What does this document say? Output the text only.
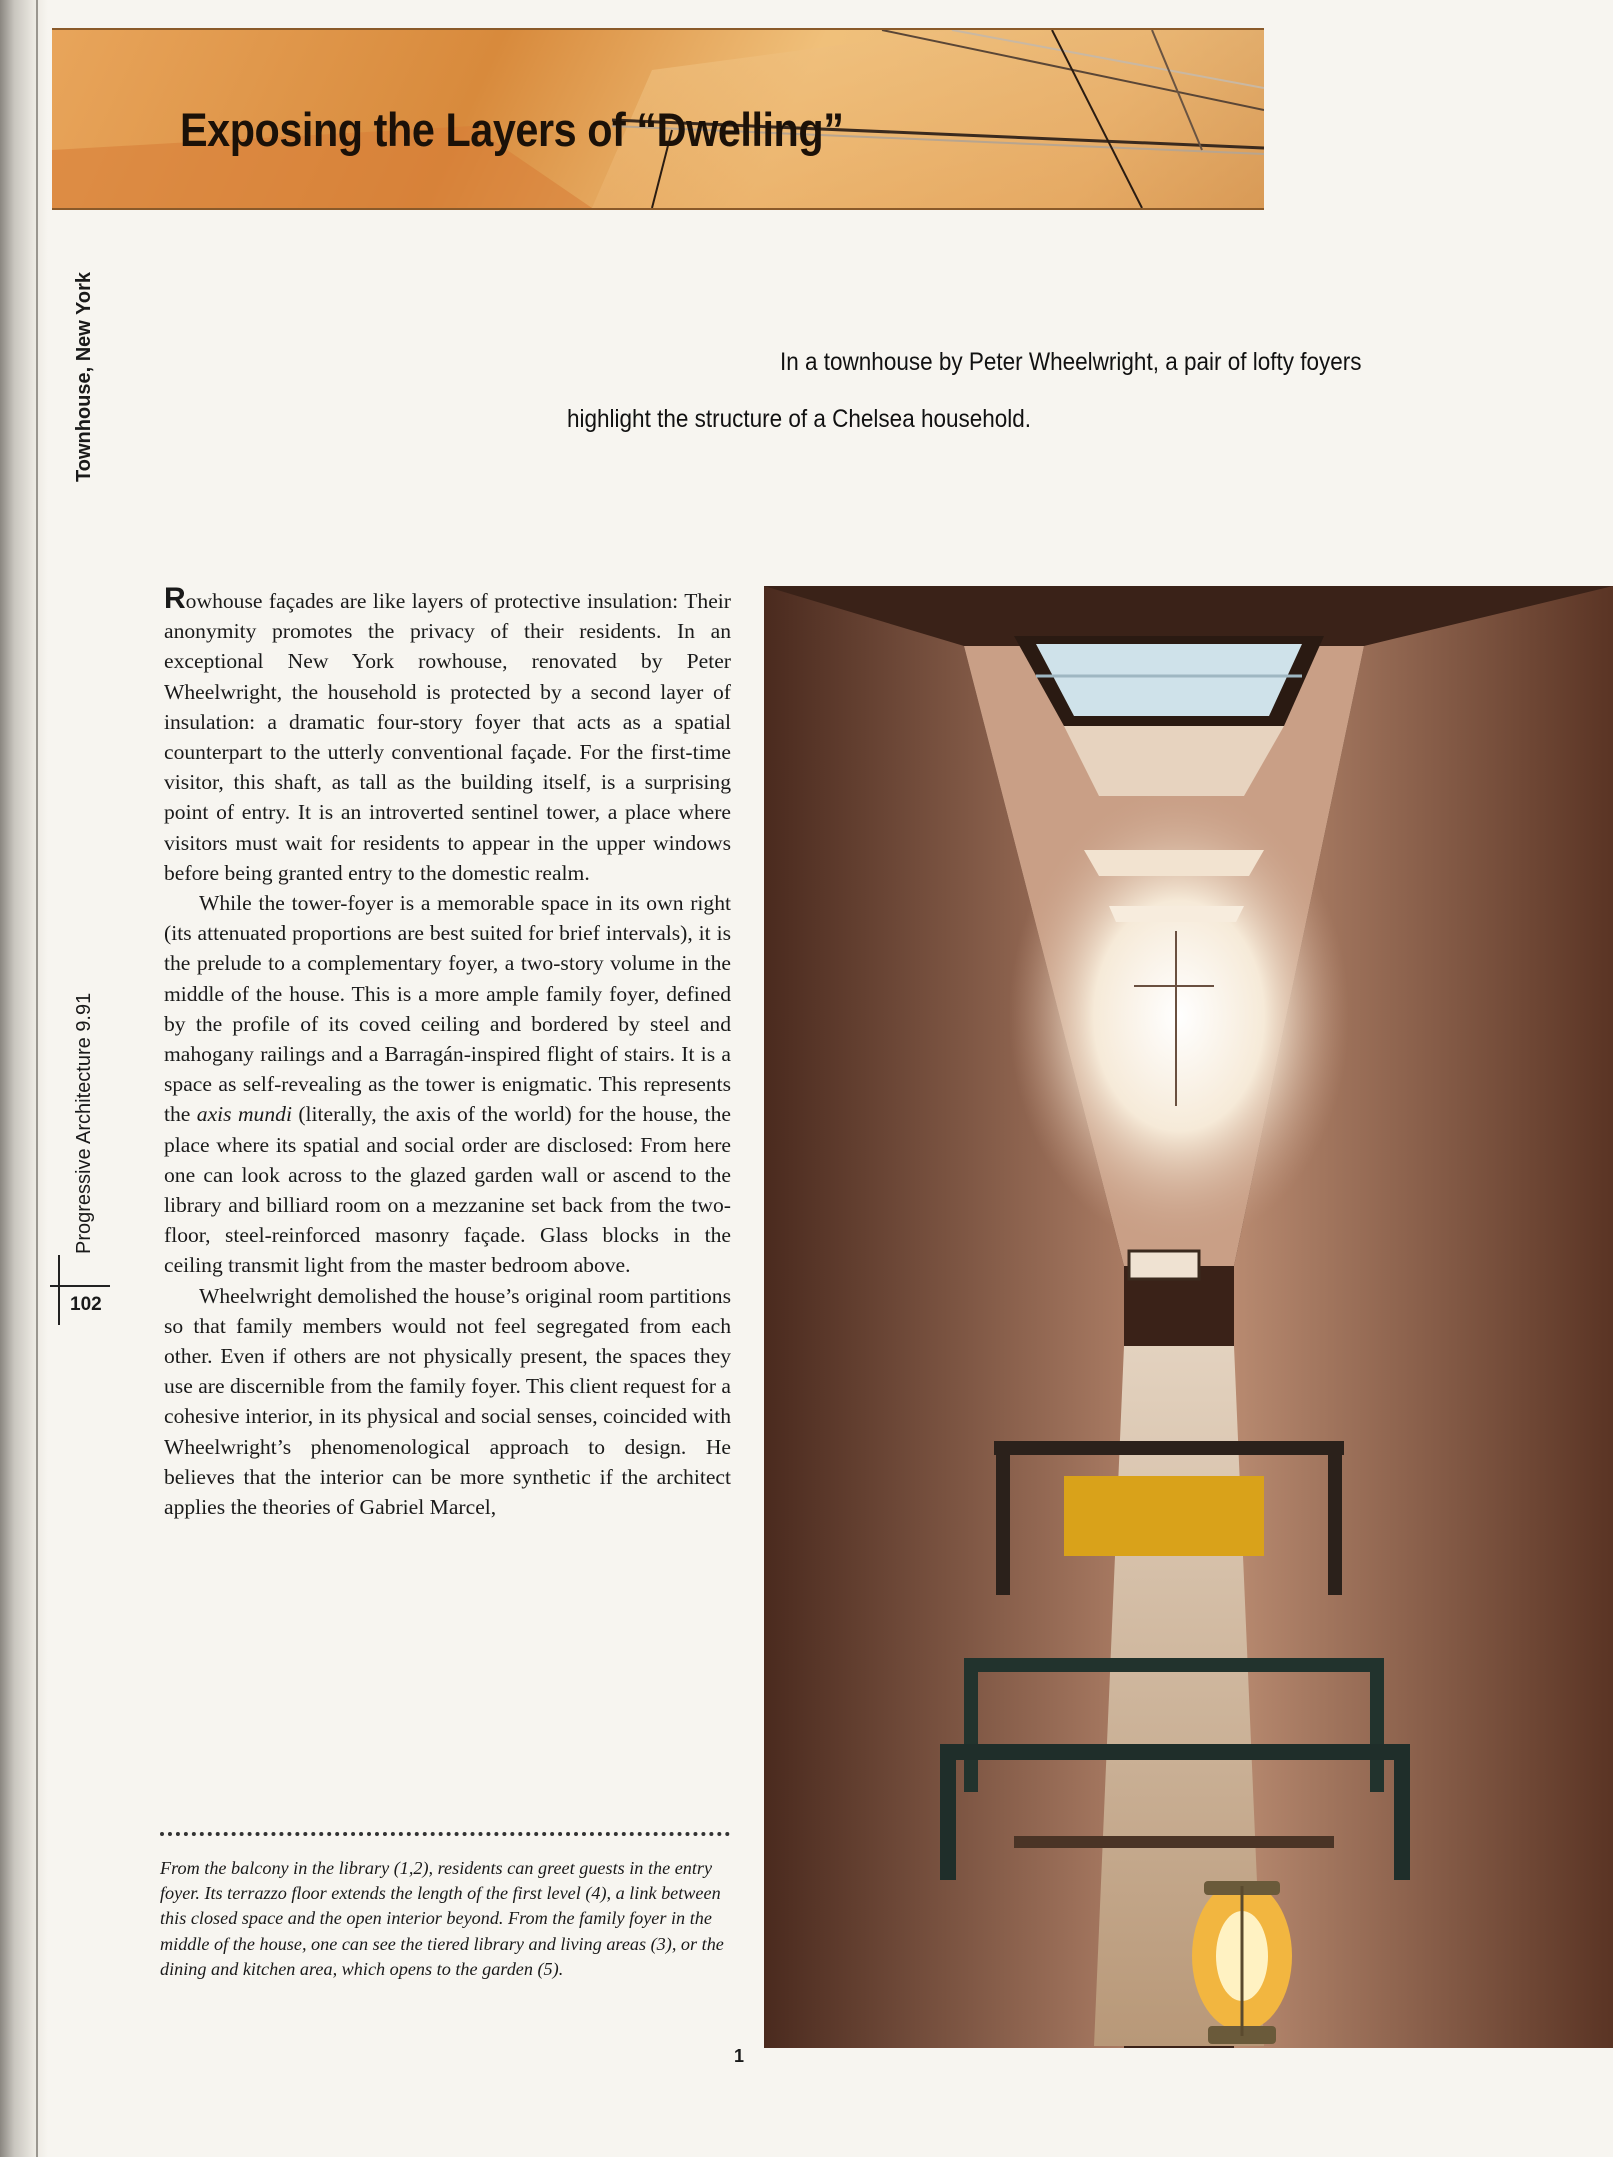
Exposing the Layers of “Dwelling”
Townhouse, New York
Progressive Architecture 9.91
102
In a townhouse by Peter Wheelwright, a pair of lofty foyers
highlight the structure of a Chelsea household.

Rowhouse façades are like layers of protective insulation: Their anonymity promotes the privacy of their residents. In an exceptional New York rowhouse, renovated by Peter Wheelwright, the household is protected by a second layer of insulation: a dramatic four-story foyer that acts as a spatial counterpart to the utterly conventional façade. For the first-time visitor, this shaft, as tall as the building itself, is a surprising point of entry. It is an introverted sentinel tower, a place where visitors must wait for residents to appear in the upper windows before being granted entry to the domestic realm.

While the tower-foyer is a memorable space in its own right (its attenuated proportions are best suited for brief intervals), it is the prelude to a complementary foyer, a two-story volume in the middle of the house. This is a more ample family foyer, defined by the profile of its coved ceiling and bordered by steel and mahogany railings and a Barragán-inspired flight of stairs. It is a space as self-revealing as the tower is enigmatic. This represents the axis mundi (literally, the axis of the world) for the house, the place where its spatial and social order are disclosed: From here one can look across to the glazed garden wall or ascend to the library and billiard room on a mezzanine set back from the two-floor, steel-reinforced masonry façade. Glass blocks in the ceiling transmit light from the master bedroom above.

Wheelwright demolished the house’s original room partitions so that family members would not feel segregated from each other. Even if others are not physically present, the spaces they use are discernible from the family foyer. This client request for a cohesive interior, in its physical and social senses, coincided with Wheelwright’s phenomenological approach to design. He believes that the interior can be more synthetic if the architect applies the theories of Gabriel Marcel,

From the balcony in the library (1,2), residents can greet guests in the entry foyer. Its terrazzo floor extends the length of the first level (4), a link between this closed space and the open interior beyond. From the family foyer in the middle of the house, one can see the tiered library and living areas (3), or the dining and kitchen area, which opens to the garden (5).
1
